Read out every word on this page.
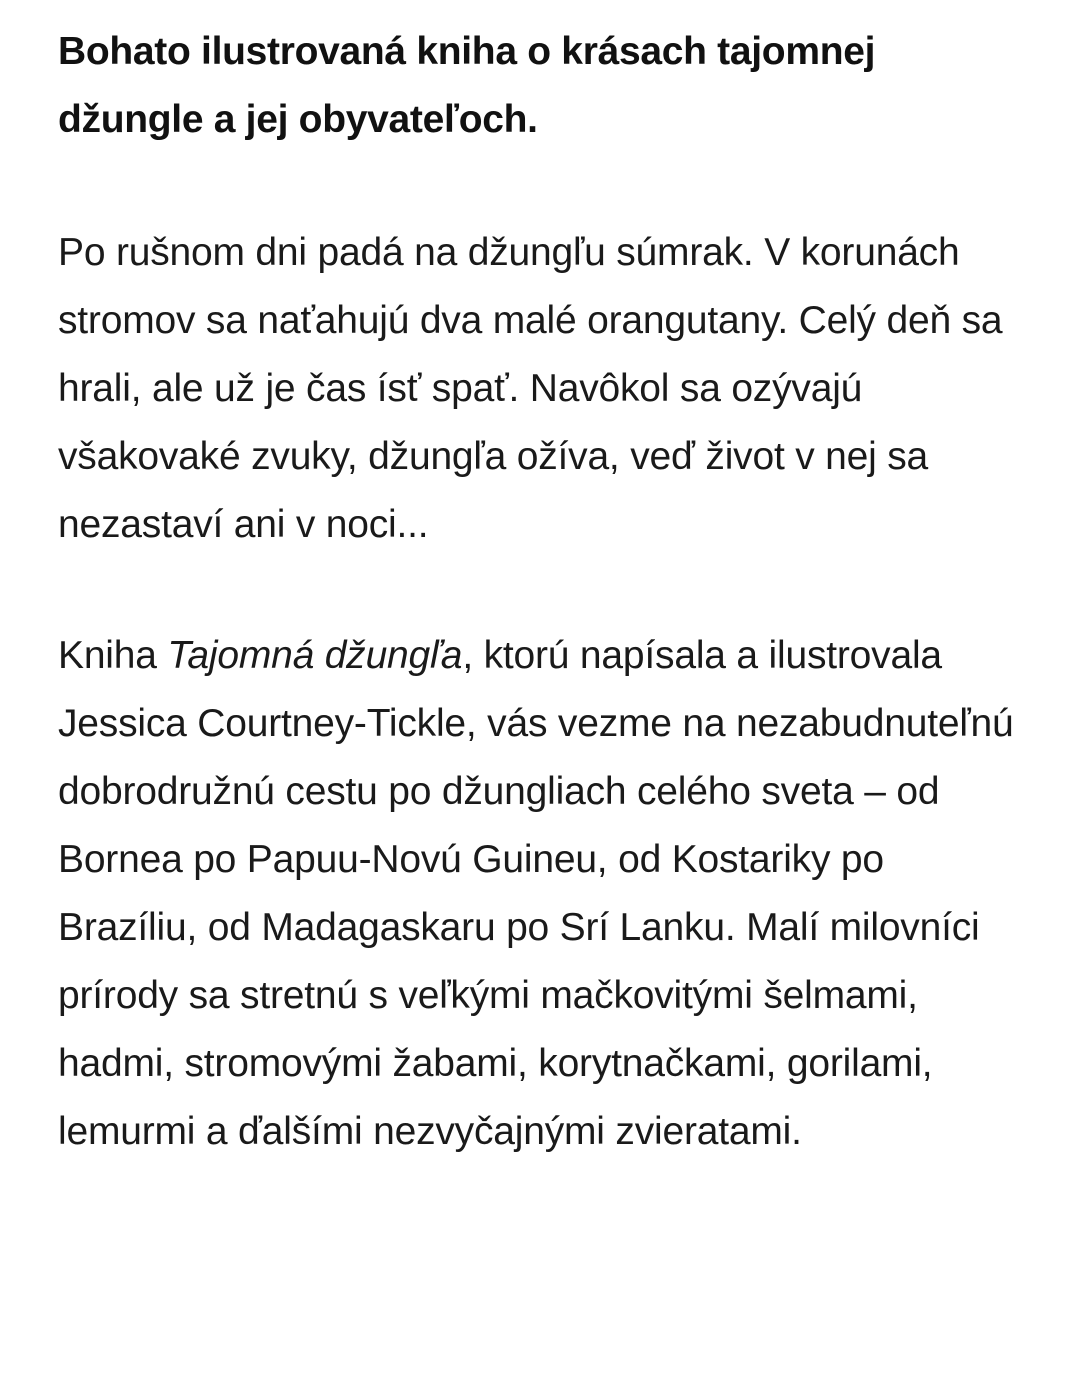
Bohato ilustrovaná kniha o krásach tajomnej džungle a jej obyvateľoch.

Po rušnom dni padá na džungľu súmrak. V korunách stromov sa naťahujú dva malé orangutany. Celý deň sa hrali, ale už je čas ísť spať. Navôkol sa ozývajú všakovaké zvuky, džungľa ožíva, veď život v nej sa nezastaví ani v noci...

Kniha Tajomná džungľa, ktorú napísala a ilustrovala Jessica Courtney-Tickle, vás vezme na nezabudnuteľnú dobrodružnú cestu po džungliach celého sveta – od Bornea po Papuu-Novú Guineu, od Kostariky po Brazíliu, od Madagaskaru po Srí Lanku. Malí milovníci prírody sa stretnú s veľkými mačkovitými šelmami, hadmi, stromovými žabami, korytnačkami, gorilami, lemurmi a ďalšími nezvyčajnými zvieratami.
